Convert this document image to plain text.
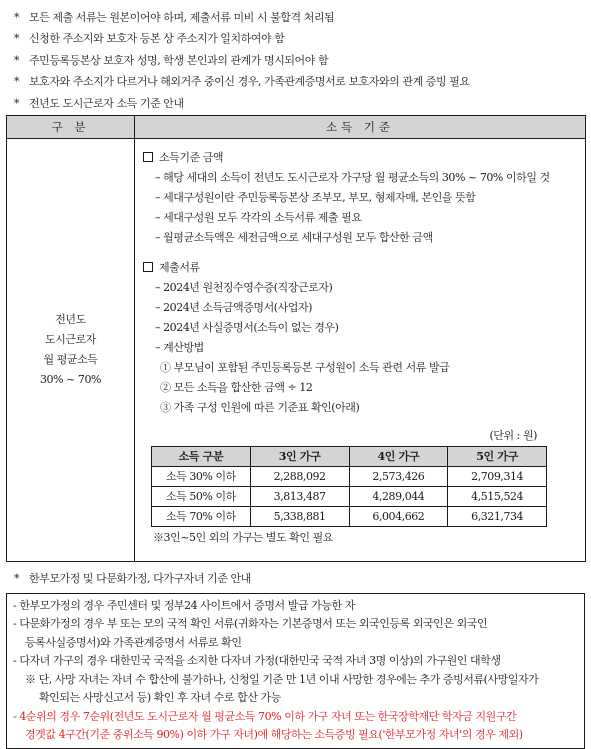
* 모든 제출 서류는 원본이어야 하며, 제출서류 미비 시 불합격 처리됨
* 신청한 주소지와 보호자 등본 상 주소지가 일치하여야 함
* 주민등록등본상 보호자 성명, 학생 본인과의 관계가 명시되어야 함
* 보호자와 주소지가 다르거나 해외거주 중이신 경우, 가족관계증명서로 보호자와의 관계 증빙 필요
* 전년도 도시근로자 소득 기준 안내
구 분	소득 기준

전년도
도시근로자
월 평균소득
30% ~ 70%

소득기준 금액
– 해당 세대의 소득이 전년도 도시근로자 가구당 월 평균소득의 30% ~ 70% 이하일 것
– 세대구성원이란 주민등록등본상 조부모, 부모, 형제자매, 본인을 뜻함
– 세대구성원 모두 각각의 소득서류 제출 필요
– 월평균소득액은 세전금액으로 세대구성원 모두 합산한 금액
제출서류
– 2024년 원천징수영수증(직장근로자)
– 2024년 소득금액증명서(사업자)
– 2024년 사실증명서(소득이 없는 경우)
– 계산방법
① 부모님이 포함된 주민등록등본 구성원이 소득 관련 서류 발급
② 모든 소득을 합산한 금액 ÷ 12
③ 가족 구성 인원에 따른 기준표 확인(아래)
(단위 : 원)
소득 구분	3인 가구	4인 가구	5인 가구
소득 30% 이하	2,288,092	2,573,426	2,709,314
소득 50% 이하	3,813,487	4,289,044	4,515,524
소득 70% 이하	5,338,881	6,004,662	6,321,734
※3인~5인 외의 가구는 별도 확인 필요
* 한부모가정 및 다문화가정, 다가구자녀 기준 안내
- 한부모가정의 경우 주민센터 및 정부24 사이트에서 증명서 발급 가능한 자
- 다문화가정의 경우 부 또는 모의 국적 확인 서류(귀화자는 기본증명서 또는 외국인등록 외국인은 외국인
등록사실증명서)와 가족관계증명서 서류로 확인
- 다자녀 가구의 경우 대한민국 국적을 소지한 다자녀 가정(대한민국 국적 자녀 3명 이상)의 가구원인 대학생
※ 단, 사망 자녀는 자녀 수 합산에 불가하나, 신청일 기준 만 1년 이내 사망한 경우에는 추가 증빙서류(사망일자가
확인되는 사망신고서 등) 확인 후 자녀 수로 합산 가능
- 4순위의 경우 7순위(전년도 도시근로자 월 평균소득 70% 이하 가구 자녀 또는 한국장학재단 학자금 지원구간
경곗값 4구간(기준 중위소득 90%) 이하 가구 자녀)에 해당하는 소득증빙 필요('한부모가정 자녀'의 경우 제외)
